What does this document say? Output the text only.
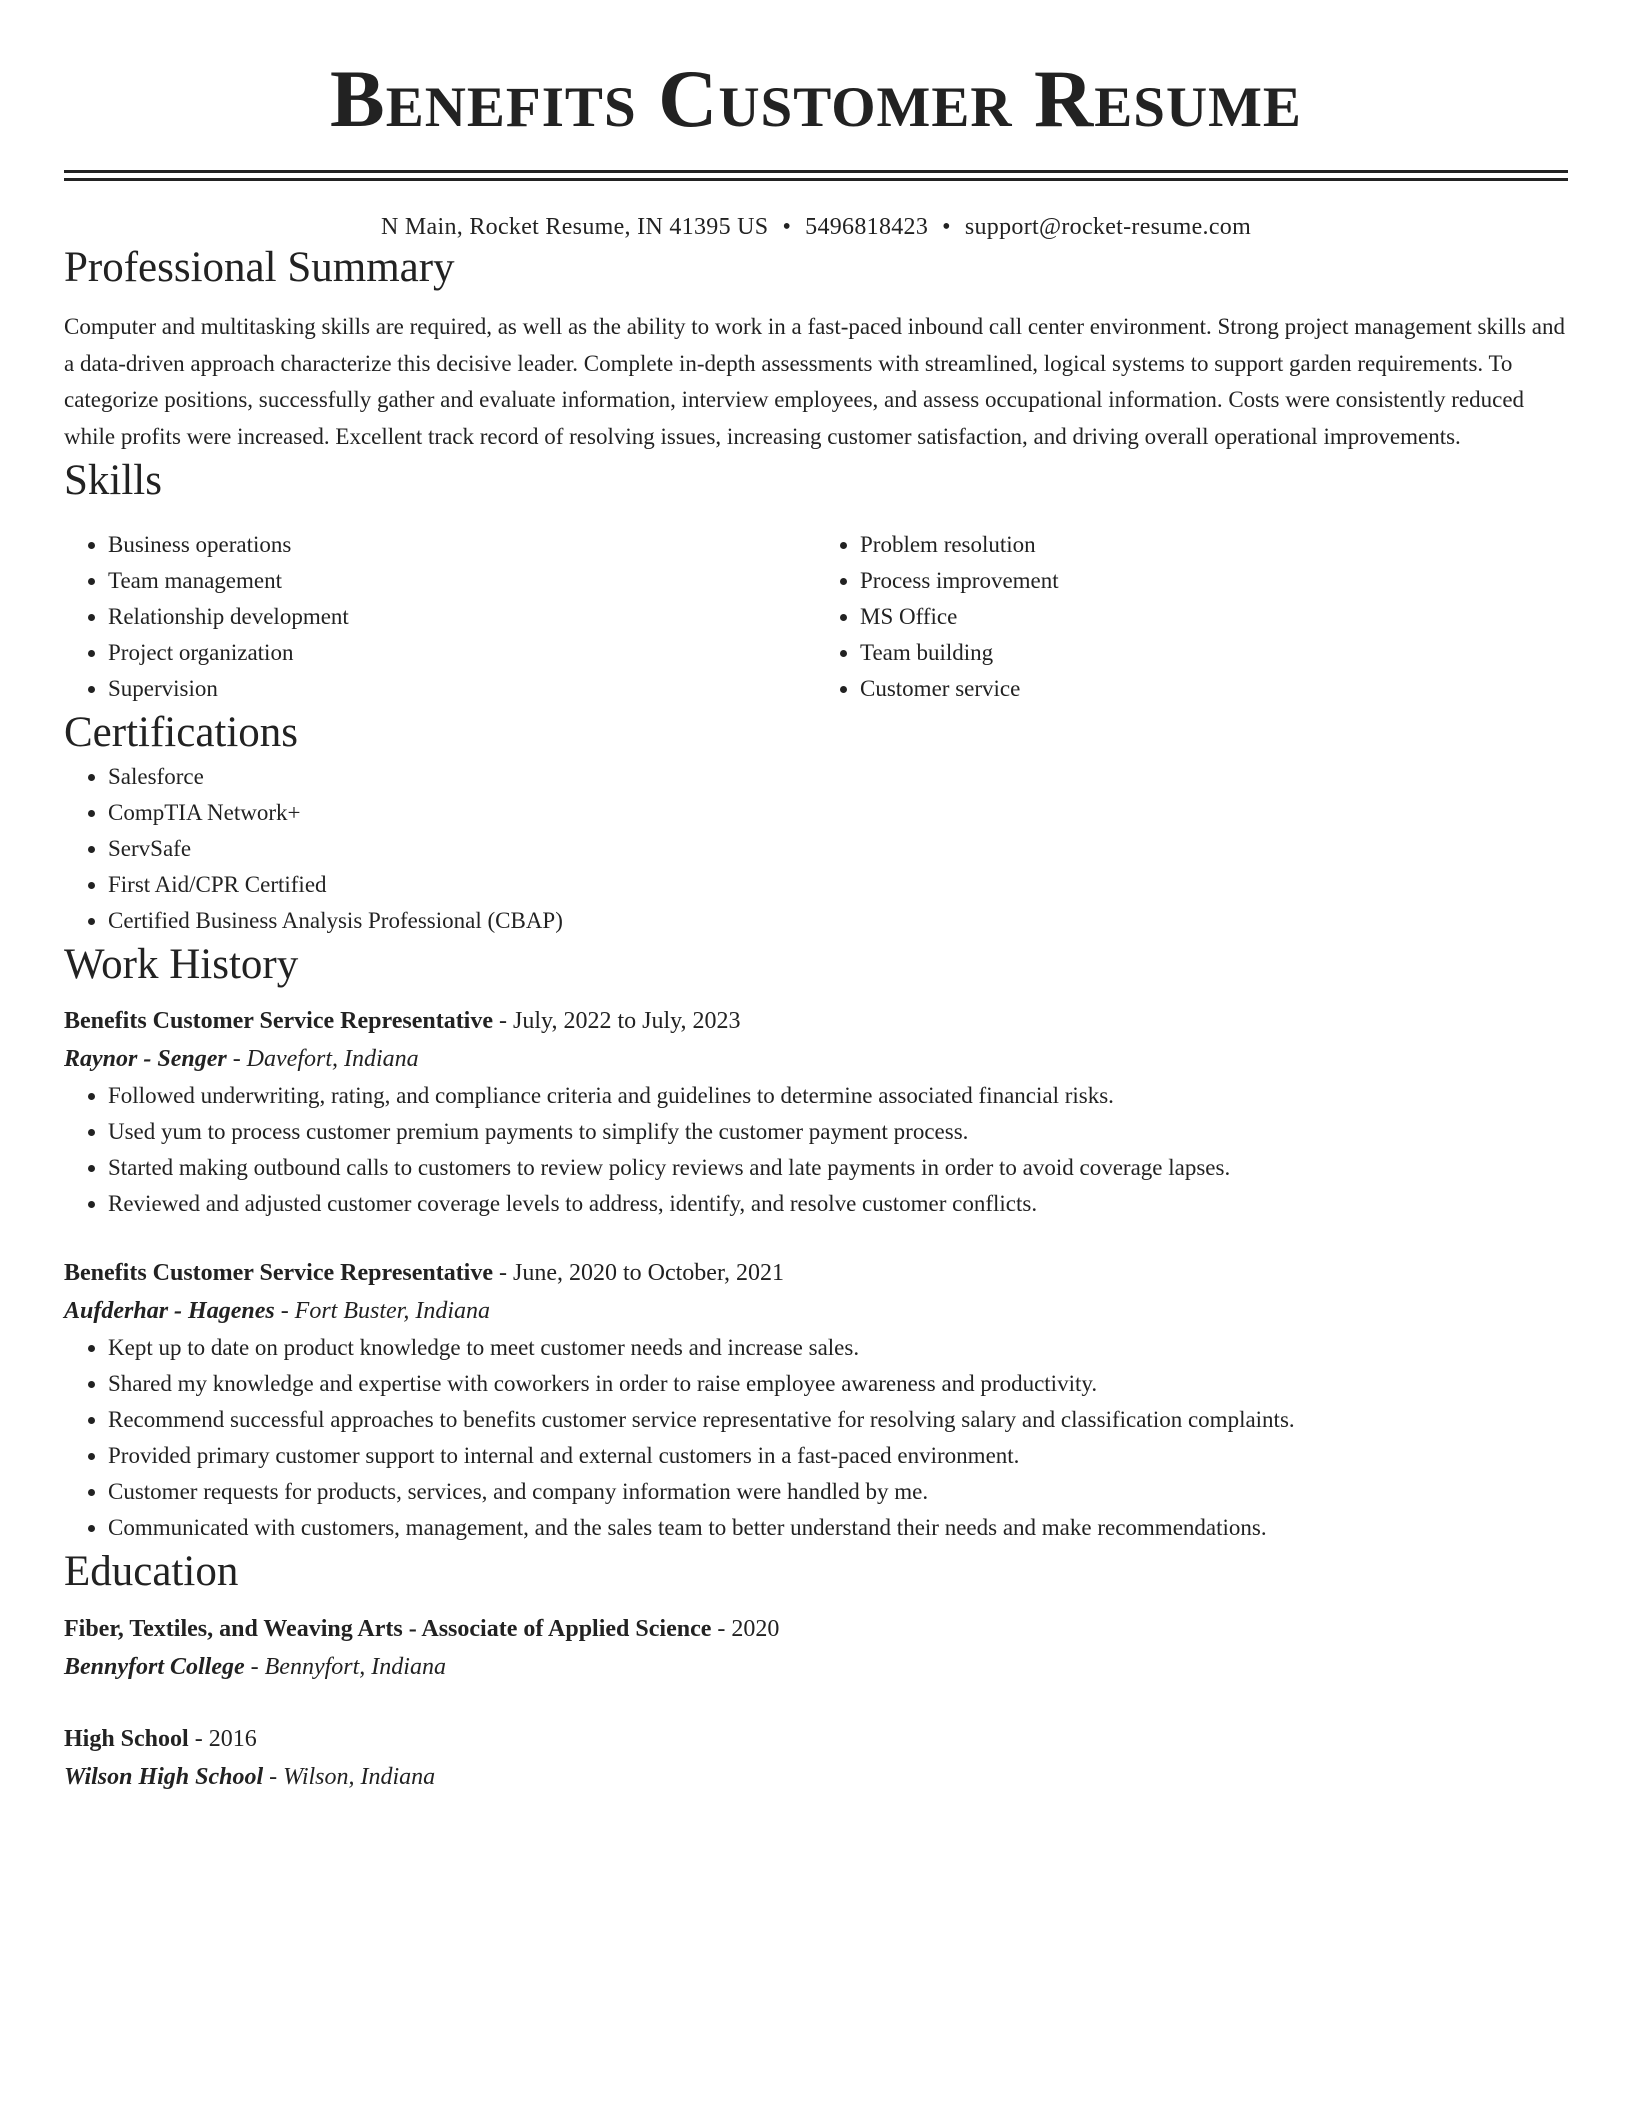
Benefits Customer Resume
N Main, Rocket Resume, IN 41395 US • 5496818423 • support@rocket-resume.com
Professional Summary

Computer and multitasking skills are required, as well as the ability to work in a fast-paced inbound call center environment. Strong project management skills and a data-driven approach characterize this decisive leader. Complete in-depth assessments with streamlined, logical systems to support garden requirements. To categorize positions, successfully gather and evaluate information, interview employees, and assess occupational information. Costs were consistently reduced while profits were increased. Excellent track record of resolving issues, increasing customer satisfaction, and driving overall operational improvements.

Skills
• Business operations
• Team management
• Relationship development
• Project organization
• Supervision
• Problem resolution
• Process improvement
• MS Office
• Team building
• Customer service
Certifications
• Salesforce
• CompTIA Network+
• ServSafe
• First Aid/CPR Certified
• Certified Business Analysis Professional (CBAP)
Work History
Benefits Customer Service Representative - July, 2022 to July, 2023
Raynor - Senger - Davefort, Indiana
• Followed underwriting, rating, and compliance criteria and guidelines to determine associated financial risks.
• Used yum to process customer premium payments to simplify the customer payment process.
• Started making outbound calls to customers to review policy reviews and late payments in order to avoid coverage lapses.
• Reviewed and adjusted customer coverage levels to address, identify, and resolve customer conflicts.
Benefits Customer Service Representative - June, 2020 to October, 2021
Aufderhar - Hagenes - Fort Buster, Indiana
• Kept up to date on product knowledge to meet customer needs and increase sales.
• Shared my knowledge and expertise with coworkers in order to raise employee awareness and productivity.
• Recommend successful approaches to benefits customer service representative for resolving salary and classification complaints.
• Provided primary customer support to internal and external customers in a fast-paced environment.
• Customer requests for products, services, and company information were handled by me.
• Communicated with customers, management, and the sales team to better understand their needs and make recommendations.
Education
Fiber, Textiles, and Weaving Arts - Associate of Applied Science - 2020
Bennyfort College - Bennyfort, Indiana
High School - 2016
Wilson High School - Wilson, Indiana
